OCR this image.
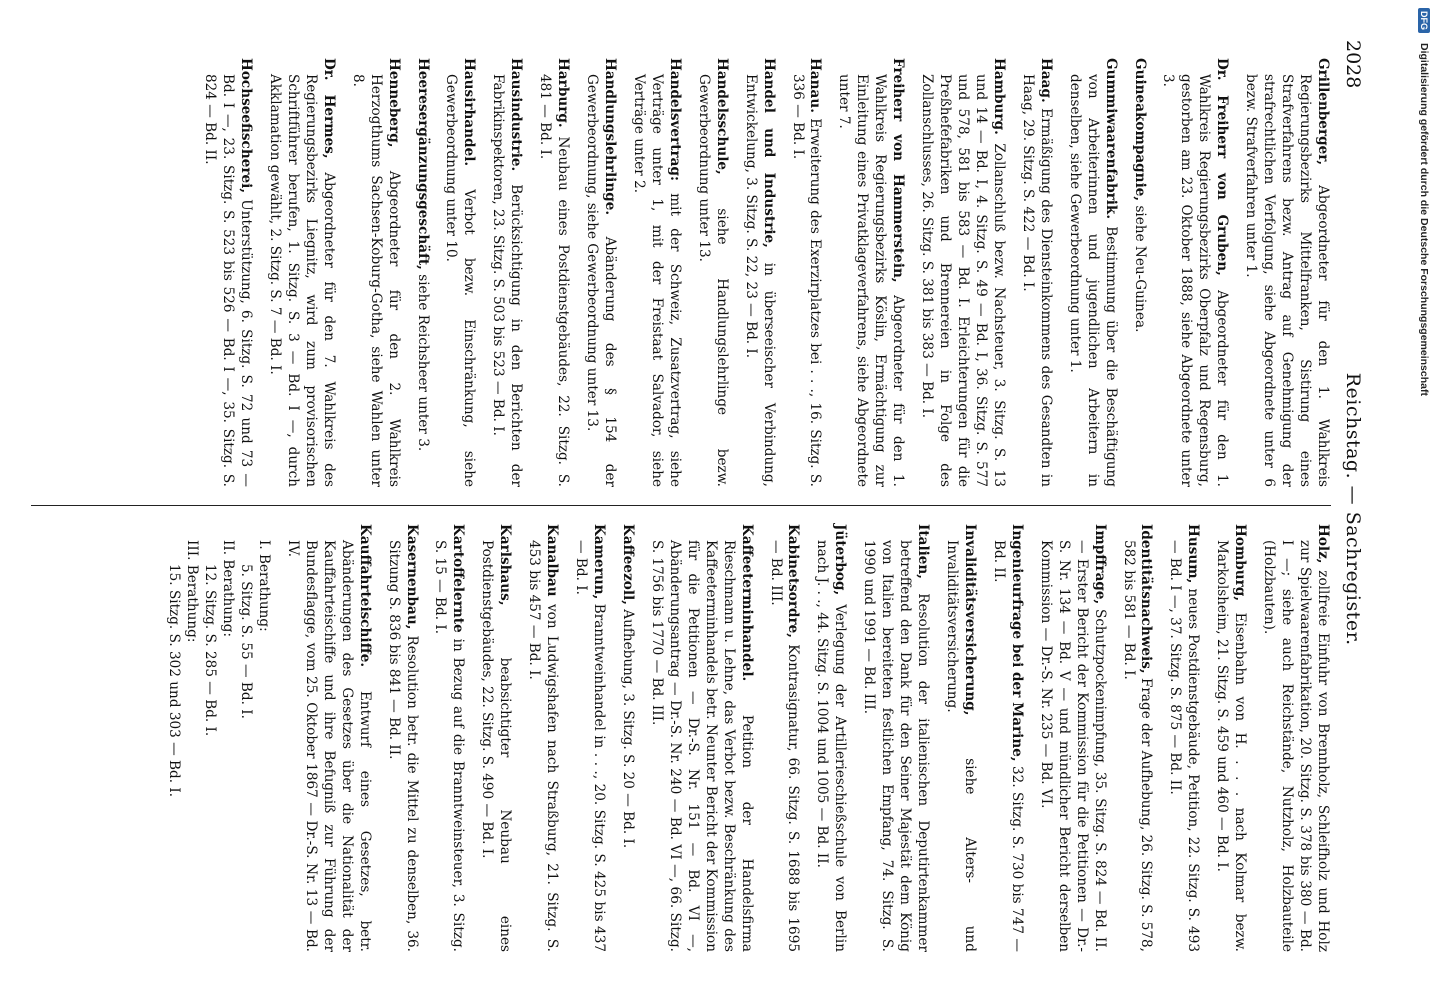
2028
Reichstag. — Sachregister.

Grillenberger, Abgeordneter für den 1. Wahlkreis Regierungsbezirks Mittelfranken, Sistirung eines Strafverfahrens bezw. Antrag auf Genehmigung der strafrechtlichen Verfolgung, siehe Abgeordnete unter 6 bezw. Strafverfahren unter 1.

Dr. Freiherr von Gruben, Abgeordneter für den 1. Wahlkreis Regierungsbezirks Oberpfalz und Regensburg, gestorben am 23. Oktober 1888, siehe Abgeordnete unter 3.

Guineakompagnie, siehe Neu-Guinea.

Gummiwaarenfabrik. Bestimmung über die Beschäftigung von Arbeiterinnen und jugendlichen Arbeitern in denselben, siehe Gewerbeordnung unter 1.

Haag. Ermäßigung des Diensteinkommens des Gesandten in Haag, 29. Sitzg. S. 422 — Bd. I.

Hamburg. Zollanschluß bezw. Nachsteuer, 3. Sitzg. S. 13 und 14 — Bd. I, 4. Sitzg. S. 49 — Bd. I, 36. Sitzg. S. 577 und 578, 581 bis 583 — Bd. I. Erleichterungen für die Preßhefefabriken und Brennereien in Folge des Zollanschlusses, 26. Sitzg. S. 381 bis 383 — Bd. I.

Freiherr von Hammerstein, Abgeordneter für den 1. Wahlkreis Regierungsbezirks Köslin, Ermächtigung zur Einleitung eines Privatklageverfahrens, siehe Abgeordnete unter 7.

Hanau. Erweiterung des Exerzirplatzes bei . . ., 16. Sitzg. S. 336 — Bd. I.

Handel und Industrie, in überseeischer Verbindung, Entwickelung, 3. Sitzg. S. 22, 23 — Bd. I.

Handelsschule, siehe Handlungslehrlinge bezw. Gewerbeordnung unter 13.

Handelsvertrag: mit der Schweiz, Zusatzvertrag, siehe Verträge unter 1, mit der Freistaat Salvador, siehe Verträge unter 2.

Handlungslehrlinge. Abänderung des § 154 der Gewerbeordnung, siehe Gewerbeordnung unter 13.

Harburg. Neubau eines Postdienstgebäudes, 22. Sitzg. S. 481 — Bd. I.

Hausindustrie. Berücksichtigung in den Berichten der Fabrikinspektoren, 23. Sitzg. S. 503 bis 523 — Bd. I.

Hausirhandel. Verbot bezw. Einschränkung, siehe Gewerbeordnung unter 10.

Heeresergänzungsgeschäft, siehe Reichsheer unter 3.

Henneberg, Abgeordneter für den 2. Wahlkreis Herzogthums Sachsen-Koburg-Gotha, siehe Wahlen unter 8.

Dr. Hermes, Abgeordneter für den 7. Wahlkreis des Regierungsbezirks Liegnitz, wird zum provisorischen Schriftführer berufen, 1. Sitzg. S. 3 — Bd. I —, durch Akklamation gewählt, 2. Sitzg. S. 7 — Bd. I.

Hochseefischerei, Unterstützung, 6. Sitzg. S. 72 und 73 — Bd. I —, 23. Sitzg. S. 523 bis 526 — Bd. I —, 35. Sitzg. S. 824 — Bd. II.

Holz, zollfreie Einfuhr von Brennholz, Schleifholz und Holz zur Spielwaarenfabrikation, 20. Sitzg. S. 378 bis 380 — Bd. I —; siehe auch Reichstände, Nutzholz, Holzbauteile (Holzbauten).

Homburg, Eisenbahn von H. . . . nach Kolmar bezw. Markolsheim, 21. Sitzg. S. 459 und 460 — Bd. I.

Husum, neues Postdienstgebäude, Petition, 22. Sitzg. S. 493 — Bd. I —, 37. Sitzg. S. 875 — Bd. II.

Identitätsnachweis, Frage der Aufhebung, 26. Sitzg. S. 578, 582 bis 581 — Bd. I.

Impffrage, Schutzpockenimpfung, 35. Sitzg. S. 824 — Bd. II. — Erster Bericht der Kommission für die Petitionen — Dr.-S. Nr. 134 — Bd. V — und mündlicher Bericht derselben Kommission — Dr.-S. Nr. 235 — Bd. VI.

Ingenieurfrage bei der Marine, 32. Sitzg. S. 730 bis 747 — Bd. II.

Invaliditätsversicherung, siehe Alters- und Invaliditätsversicherung.

Italien, Resolution der italienischen Deputirtenkammer betreffend den Dank für den Seiner Majestät dem König von Italien bereiteten festlichen Empfang, 74. Sitzg. S. 1990 und 1991 — Bd. III.

Jüterbog, Verlegung der Artillerieschießschule von Berlin nach J. . ., 44. Sitzg. S. 1004 und 1005 — Bd. II.

Kabinetsordre, Kontrasignatur, 66. Sitzg. S. 1688 bis 1695 — Bd. III.

Kaffeeterminhandel. Petition der Handelsfirma Rieschmann u. Lehne, das Verbot bezw. Beschränkung des Kaffeeterminhandels betr. Neunter Bericht der Kommission für die Petitionen — Dr.-S. Nr. 151 — Bd. VI —, Abänderungsantrag — Dr.-S. Nr. 240 — Bd. VI —, 66. Sitzg. S. 1756 bis 1770 — Bd. III.

Kaffeezoll, Aufhebung, 3. Sitzg. S. 20 — Bd. I.

Kamerun, Branntweinhandel in . . ., 20. Sitzg. S. 425 bis 437 — Bd. I.

Kanalbau von Ludwigshafen nach Straßburg, 21. Sitzg. S. 453 bis 457 — Bd. I.

Karlshaus, beabsichtigter Neubau eines Postdienstgebäudes, 22. Sitzg. S. 490 — Bd. I.

Kartoffelernte in Bezug auf die Branntweinsteuer, 3. Sitzg. S. 15 — Bd. I.

Kasernenbau, Resolution betr. die Mittel zu denselben, 36. Sitzung S. 836 bis 841 — Bd. II.

Kauffahrteischiffe. Entwurf eines Gesetzes, betr. Abänderungen des Gesetzes über die Nationalität der Kauffahrteischiffe und ihre Befugniß zur Führung der Bundesflagge, vom 25. Oktober 1867 — Dr.-S. Nr. 13 — Bd. IV.

I. Berathung:
5. Sitzg. S. 55 — Bd. I.
II. Berathung:
12. Sitzg. S. 285 — Bd. I.
III. Berathung:
15. Sitzg. S. 302 und 303 — Bd. I.
DFG
Digitalisierung gefördert durch die Deutsche Forschungsgemeinschaft
